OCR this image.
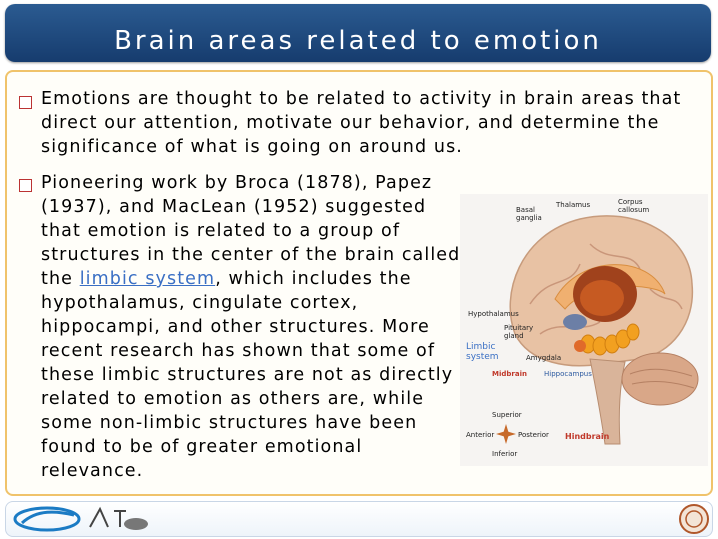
Brain areas related to emotion

Emotions are thought to be related to activity in brain areas that direct our attention, motivate our behavior, and determine the significance of what is going on around us.

Pioneering work by Broca (1878), Papez (1937), and MacLean (1952) suggested that emotion is related to a group of structures in the center of the brain called the limbic system, which includes the hypothalamus, cingulate cortex, hippocampi, and other structures. More recent research has shown that some of these limbic structures are not as directly related to emotion as others are, while some non-limbic structures have been found to be of greater emotional relevance.

Basal ganglia
Thalamus	Corpus callosum
Hypothalamus
Pituitary gland
Limbic system	Amygdala
Midbrain Hippocampus
Superior
Anterior	Posterior
Inferior
Hindbrain
